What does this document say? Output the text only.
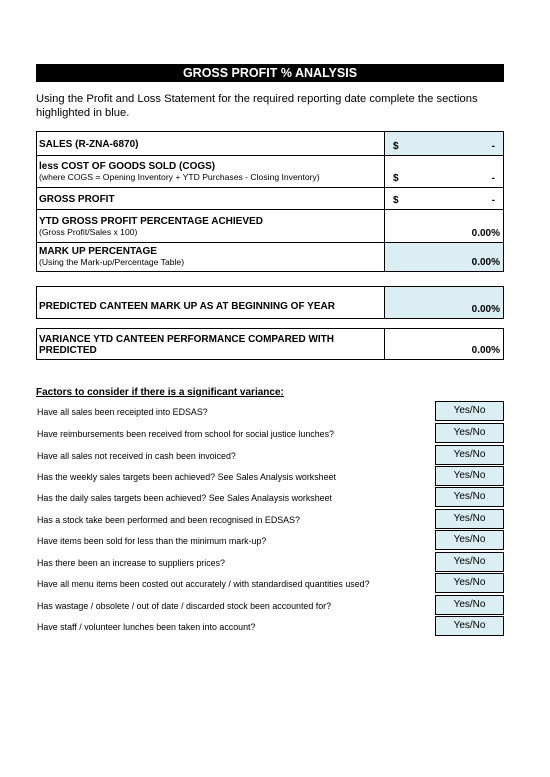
GROSS PROFIT % ANALYSIS
Using the Profit and Loss Statement for the required reporting date complete the sections highlighted in blue.
SALES (R-ZNA-6870)	$	-
less COST OF GOODS SOLD (COGS)
(where COGS = Opening Inventory + YTD Purchases - Closing Inventory)	$	-
GROSS PROFIT	$	-
YTD GROSS PROFIT PERCENTAGE ACHIEVED
(Gross Profit/Sales x 100)	0.00%
MARK UP PERCENTAGE
(Using the Mark-up/Percentage Table)	0.00%
PREDICTED CANTEEN MARK UP AS AT BEGINNING OF YEAR	0.00%
VARIANCE YTD CANTEEN PERFORMANCE COMPARED WITH PREDICTED	0.00%
Factors to consider if there is a significant variance:
Have all sales been receipted into EDSAS?	Yes/No
Have reimbursements been received from school for social justice lunches?	Yes/No
Have all sales not received in cash been invoiced?	Yes/No
Has the weekly sales targets been achieved? See Sales Analysis worksheet	Yes/No
Has the daily sales targets been achieved? See Sales Analaysis worksheet	Yes/No
Has a stock take been performed and been recognised in EDSAS?	Yes/No
Have items been sold for less than the minimum mark-up?	Yes/No
Has there been an increase to suppliers prices?	Yes/No
Have all menu items been costed out accurately / with standardised quantities used?	Yes/No
Has wastage / obsolete / out of date / discarded stock been accounted for?	Yes/No
Have staff / volunteer lunches been taken into account?	Yes/No
